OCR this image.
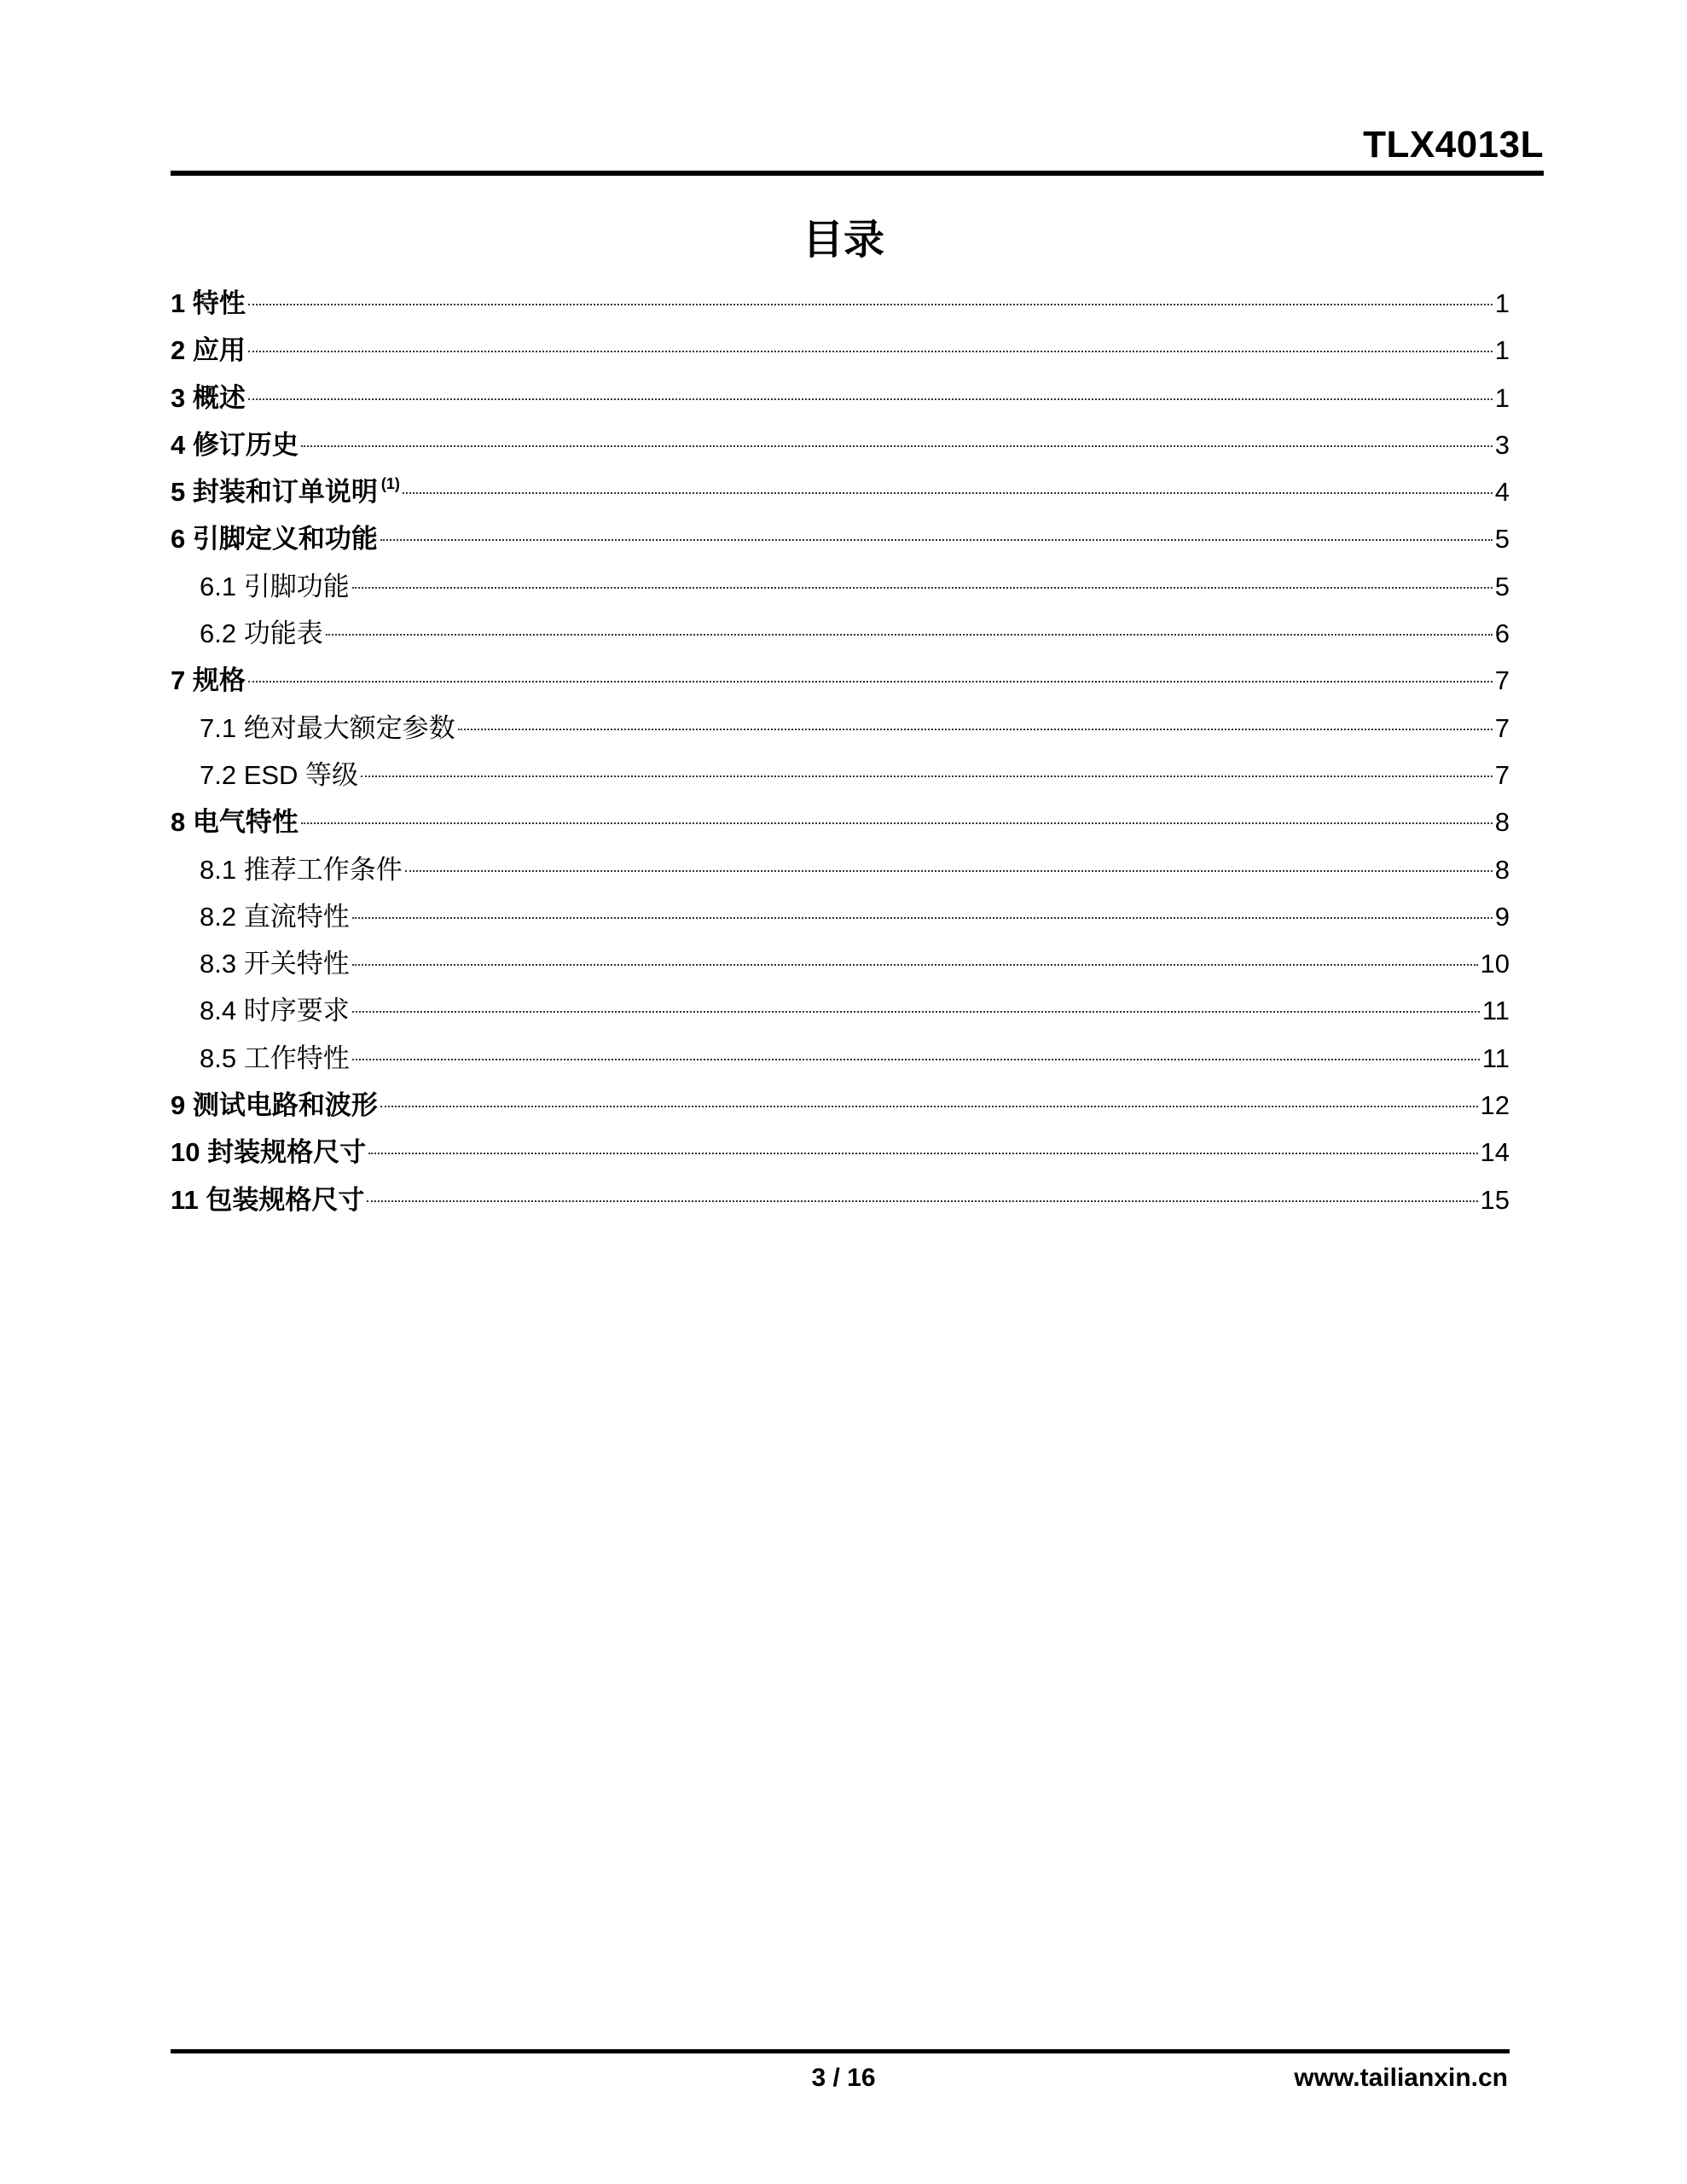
TLX4013L
目录
1 特性	1
2 应用	1
3 概述	1
4 修订历史	3
5 封装和订单说明 $^{(1)}$	4
6 引脚定义和功能	5
6.1 引脚功能	5
6.2 功能表	6
7 规格	7
7.1 绝对最大额定参数	7
7.2 ESD 等级	7
8 电气特性	8
8.1 推荐工作条件	8
8.2 直流特性	9
8.3 开关特性	10
8.4 时序要求	11
8.5 工作特性	11
9 测试电路和波形	12
10 封装规格尺寸	14
11 包装规格尺寸	15
3 / 16	www.tailianxin.cn
